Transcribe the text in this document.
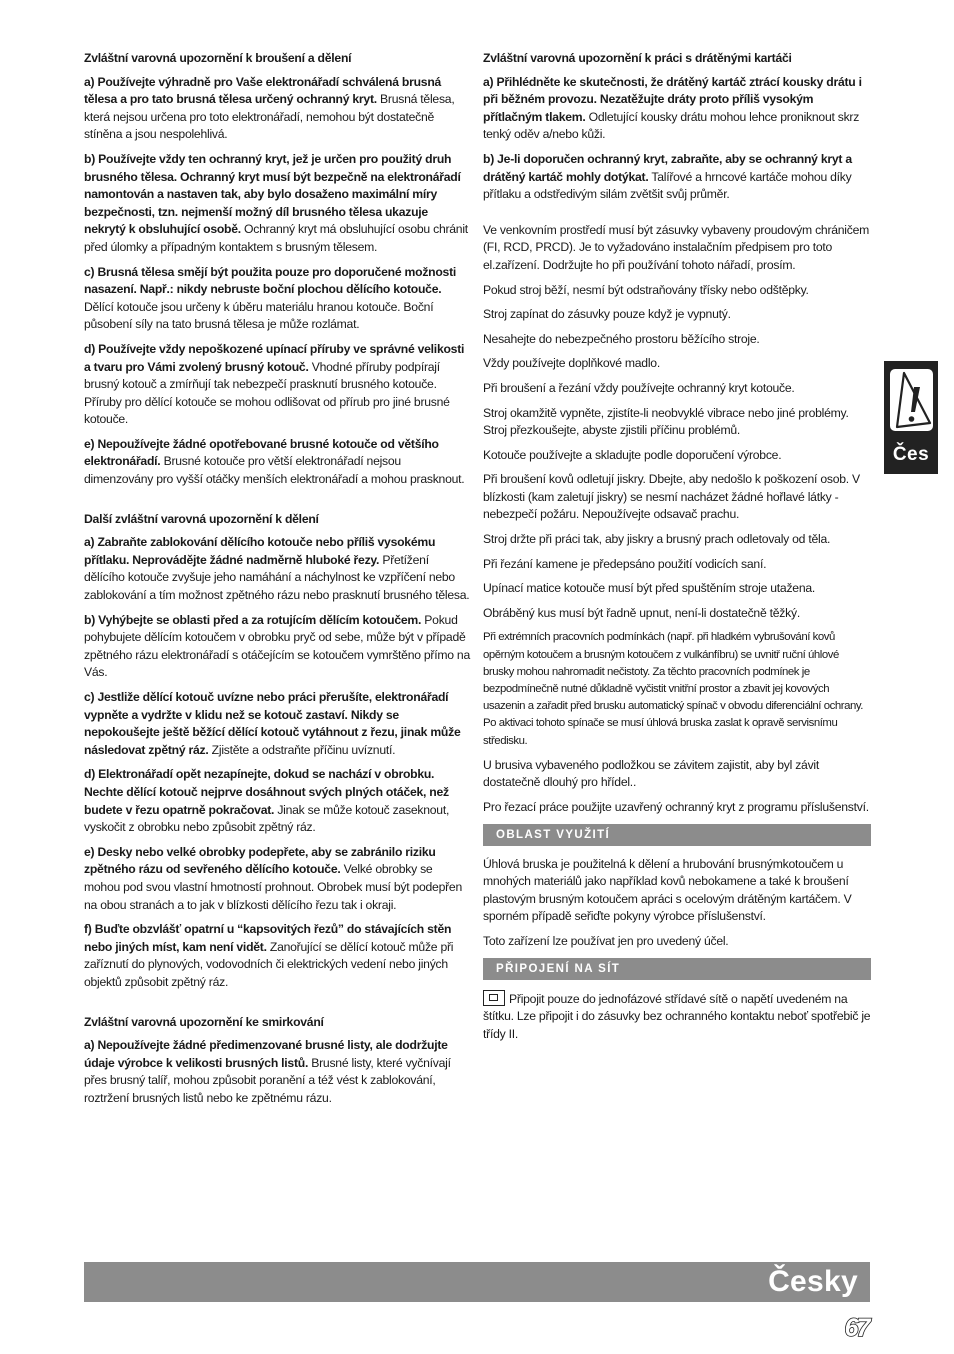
Zvláštní varovná upozornění k broušení a dělení

a) Používejte výhradně pro Vaše elektronářadí schválená brusná tělesa a pro tato brusná tělesa určený ochranný kryt. Brusná tělesa, která nejsou určena pro toto elektronářadí, nemohou být dostatečně stíněna a jsou nespolehlivá.

b) Používejte vždy ten ochranný kryt, jež je určen pro použitý druh brusného tělesa. Ochranný kryt musí být bezpečně na elektronářadí namontován a nastaven tak, aby bylo dosaženo maximální míry bezpečnosti, tzn. nejmenší možný díl brusného tělesa ukazuje nekrytý k obsluhující osobě. Ochranný kryt má obsluhující osobu chránit před úlomky a případným kontaktem s brusným tělesem.

c) Brusná tělesa smějí být použita pouze pro doporučené možnosti nasazení. Např.: nikdy nebruste boční plochou dělícího kotouče. Dělící kotouče jsou určeny k úběru materiálu hranou kotouče. Boční působení síly na tato brusná tělesa je může rozlámat.

d) Používejte vždy nepoškozené upínací příruby ve správné velikosti a tvaru pro Vámi zvolený brusný kotouč. Vhodné příruby podpírají brusný kotouč a zmírňují tak nebezpečí prasknutí brusného kotouče. Příruby pro dělící kotouče se mohou odlišovat od přírub pro jiné brusné kotouče.

e) Nepoužívejte žádné opotřebované brusné kotouče od většího elektronářadí. Brusné kotouče pro větší elektronářadí nejsou dimenzovány pro vyšší otáčky menších elektronářadí a mohou prasknout.

Další zvláštní varovná upozornění k dělení

a) Zabraňte zablokování dělícího kotouče nebo příliš vysokému přítlaku. Neprovádějte žádné nadměrně hluboké řezy. Přetížení dělícího kotouče zvyšuje jeho namáhání a náchylnost ke vzpříčení nebo zablokování a tím možnost zpětného rázu nebo prasknutí brusného tělesa.

b) Vyhýbejte se oblasti před a za rotujícím dělícím kotoučem. Pokud pohybujete dělícím kotoučem v obrobku pryč od sebe, může být v případě zpětného rázu elektronářadí s otáčejícím se kotoučem vymrštěno přímo na Vás.

c) Jestliže dělící kotouč uvízne nebo práci přerušíte, elektronářadí vypněte a vydržte v klidu než se kotouč zastaví. Nikdy se nepokoušejte ještě běžící dělící kotouč vytáhnout z řezu, jinak může následovat zpětný ráz. Zjistěte a odstraňte příčinu uvíznutí.

d) Elektronářadí opět nezapínejte, dokud se nachází v obrobku. Nechte dělící kotouč nejprve dosáhnout svých plných otáček, než budete v řezu opatrně pokračovat. Jinak se může kotouč zaseknout, vyskočit z obrobku nebo způsobit zpětný ráz.

e) Desky nebo velké obrobky podepřete, aby se zabránilo riziku zpětného rázu od sevřeného dělícího kotouče. Velké obrobky se mohou pod svou vlastní hmotností prohnout. Obrobek musí být podepřen na obou stranách a to jak v blízkosti dělícího řezu tak i okraji.

f) Buďte obzvlášť opatrní u “kapsovitých řezů” do stávajících stěn nebo jiných míst, kam není vidět. Zanořující se dělící kotouč může při zaříznutí do plynových, vodovodních či elektrických vedení nebo jiných objektů způsobit zpětný ráz.

Zvláštní varovná upozornění ke smirkování

a) Nepoužívejte žádné předimenzované brusné listy, ale dodržujte údaje výrobce k velikosti brusných listů. Brusné listy, které vyčnívají přes brusný talíř, mohou způsobit poranění a též vést k zablokování, roztržení brusných listů nebo ke zpětnému rázu.

Zvláštní varovná upozornění k práci s drátěnými kartáči

a) Přihlédněte ke skutečnosti, že drátěný kartáč ztrácí kousky drátu i při běžném provozu. Nezatěžujte dráty proto příliš vysokým přítlačným tlakem. Odletující kousky drátu mohou lehce proniknout skrz tenký oděv a/nebo kůži.

b) Je-li doporučen ochranný kryt, zabraňte, aby se ochranný kryt a drátěný kartáč mohly dotýkat. Talířové a hrncové kartáče mohou díky přítlaku a odstředivým silám zvětšit svůj průměr.

Ve venkovním prostředí musí být zásuvky vybaveny proudovým chráničem (FI, RCD, PRCD). Je to vyžadováno instalačním předpisem pro toto el.zařízení. Dodržujte ho při používání tohoto nářadí, prosím.

Pokud stroj běží, nesmí být odstraňovány třísky nebo odštěpky.

Stroj zapínat do zásuvky pouze když je vypnutý.

Nesahejte do nebezpečného prostoru běžícího stroje.

Vždy používejte doplňkové madlo.

Při broušení a řezání vždy používejte ochranný kryt kotouče.

Stroj okamžitě vypněte, zjistíte-li neobvyklé vibrace nebo jiné problémy. Stroj přezkoušejte, abyste zjistili příčinu problémů.

Kotouče používejte a skladujte podle doporučení výrobce.

Při broušení kovů odletují jiskry. Dbejte, aby nedošlo k poškození osob. V blízkosti (kam zaletují jiskry) se nesmí nacházet žádné hořlavé látky - nebezpečí požáru. Nepoužívejte odsavač prachu.

Stroj držte při práci tak, aby jiskry a brusný prach odletovaly od těla.

Při řezání kamene je předepsáno použití vodicích saní.

Upínací matice kotouče musí být před spuštěním stroje utažena.

Obráběný kus musí být řadně upnut, není-li dostatečně těžký.

Při extrémních pracovních podmínkách (např. při hladkém vybrušování kovů opěrným kotoučem a brusným kotoučem z vulkánfíbru) se uvnitř ruční úhlové brusky mohou nahromadit nečistoty. Za těchto pracovních podmínek je bezpodmínečně nutné důkladně vyčistit vnitřní prostor a zbavit jej kovových usazenin a zařadit před brusku automatický spínač v obvodu diferenciální ochrany. Po aktivaci tohoto spínače se musí úhlová bruska zaslat k opravě servisnímu středisku.

U brusiva vybaveného podložkou se závitem zajistit, aby byl závit dostatečně dlouhý pro hřídel..

Pro řezací práce použijte uzavřený ochranný kryt z programu příslušenství.

OBLAST VYUŽITÍ

Úhlová bruska je použitelná k dělení a hrubování brusnýmkotoučem u mnohých materiálů jako například kovů nebokamene a také k broušení plastovým brusným kotoučem apráci s ocelovým drátěným kartáčem. V sporném případě seřiďte pokyny výrobce příslušenství.

Toto zařízení lze používat jen pro uvedený účel.

PŘIPOJENÍ NA SÍT

Připojit pouze do jednofázové střídavé sítě o napětí uvedeném na štítku. Lze připojit i do zásuvky bez ochranného kontaktu neboť spotřebič je třídy II.

Čes
Česky
67
